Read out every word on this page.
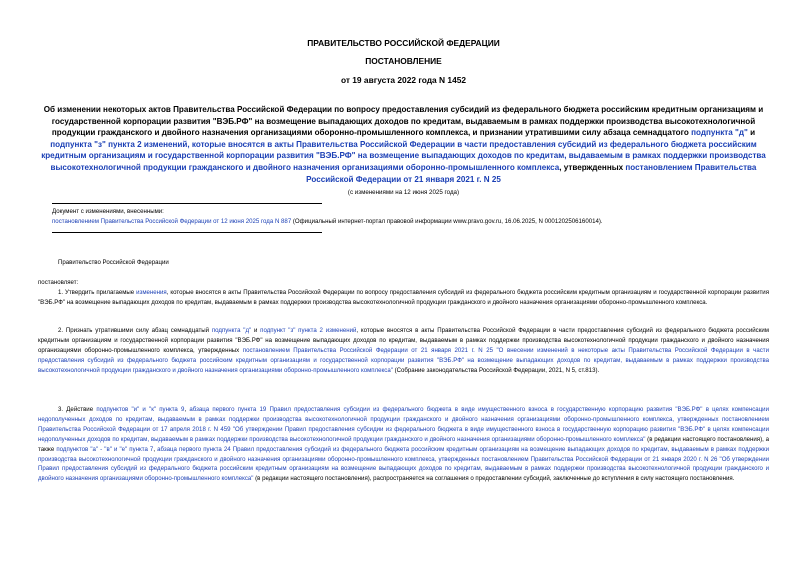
ПРАВИТЕЛЬСТВО РОССИЙСКОЙ ФЕДЕРАЦИИ
ПОСТАНОВЛЕНИЕ
от 19 августа 2022 года N 1452
Об изменении некоторых актов Правительства Российской Федерации по вопросу предоставления субсидий из федерального бюджета российским кредитным организациям и государственной корпорации развития "ВЭБ.РФ" на возмещение выпадающих доходов по кредитам, выдаваемым в рамках поддержки производства высокотехнологичной продукции гражданского и двойного назначения организациями оборонно-промышленного комплекса, и признании утратившими силу абзаца семнадцатого подпункта "д" и подпункта "з" пункта 2 изменений, которые вносятся в акты Правительства Российской Федерации в части предоставления субсидий из федерального бюджета российским кредитным организациям и государственной корпорации развития "ВЭБ.РФ" на возмещение выпадающих доходов по кредитам, выдаваемым в рамках поддержки производства высокотехнологичной продукции гражданского и двойного назначения организациями оборонно-промышленного комплекса, утвержденных постановлением Правительства Российской Федерации от 21 января 2021 г. N 25
(с изменениями на 12 июня 2025 года)
Документ с изменениями, внесенными:
постановлением Правительства Российской Федерации от 12 июня 2025 года N 887 (Официальный интернет-портал правовой информации www.pravo.gov.ru, 16.06.2025, N 0001202506160014).
Правительство Российской Федерации
постановляет:
1. Утвердить прилагаемые изменения, которые вносятся в акты Правительства Российской Федерации по вопросу предоставления субсидий из федерального бюджета российским кредитным организациям и государственной корпорации развития "ВЭБ.РФ" на возмещение выпадающих доходов по кредитам, выдаваемым в рамках поддержки производства высокотехнологичной продукции гражданского и двойного назначения организациями оборонно-промышленного комплекса.
2. Признать утратившими силу абзац семнадцатый подпункта "д" и подпункт "з" пункта 2 изменений, которые вносятся в акты Правительства Российской Федерации в части предоставления субсидий из федерального бюджета российским кредитным организациям и государственной корпорации развития "ВЭБ.РФ" на возмещение выпадающих доходов по кредитам, выдаваемым в рамках поддержки производства высокотехнологичной продукции гражданского и двойного назначения организациями оборонно-промышленного комплекса, утвержденных постановлением Правительства Российской Федерации от 21 января 2021 г. N 25 "О внесении изменений в некоторые акты Правительства Российской Федерации в части предоставления субсидий из федерального бюджета российским кредитным организациям и государственной корпорации развития "ВЭБ.РФ" на возмещение выпадающих доходов по кредитам, выдаваемым в рамках поддержки производства высокотехнологичной продукции гражданского и двойного назначения организациями оборонно-промышленного комплекса" (Собрание законодательства Российской Федерации, 2021, N 5, ст.813).
3. Действие подпунктов "и" и "к" пункта 9, абзаца первого пункта 19 Правил предоставления субсидии из федерального бюджета в виде имущественного взноса в государственную корпорацию развития "ВЭБ.РФ" в целях компенсации недополученных доходов по кредитам, выдаваемым в рамках поддержки производства высокотехнологичной продукции гражданского и двойного назначения организациями оборонно-промышленного комплекса, утвержденных постановлением Правительства Российской Федерации от 17 апреля 2018 г. N 459 "Об утверждении Правил предоставления субсидии из федерального бюджета в виде имущественного взноса в государственную корпорацию развития "ВЭБ.РФ" в целях компенсации недополученных доходов по кредитам, выдаваемым в рамках поддержки производства высокотехнологичной продукции гражданского и двойного назначения организациями оборонно-промышленного комплекса" (в редакции настоящего постановления), а также подпунктов "а" - "в" и "е" пункта 7, абзаца первого пункта 24 Правил предоставления субсидий из федерального бюджета российским кредитным организациям на возмещение выпадающих доходов по кредитам, выдаваемым в рамках поддержки производства высокотехнологичной продукции гражданского и двойного назначения организациями оборонно-промышленного комплекса, утвержденных постановлением Правительства Российской Федерации от 21 января 2020 г. N 26 "Об утверждении Правил предоставления субсидий из федерального бюджета российским кредитным организациям на возмещение выпадающих доходов по кредитам, выдаваемым в рамках поддержки производства высокотехнологичной продукции гражданского и двойного назначения организациями оборонно-промышленного комплекса" (в редакции настоящего постановления), распространяется на соглашения о предоставлении субсидий, заключенные до вступления в силу настоящего постановления.
